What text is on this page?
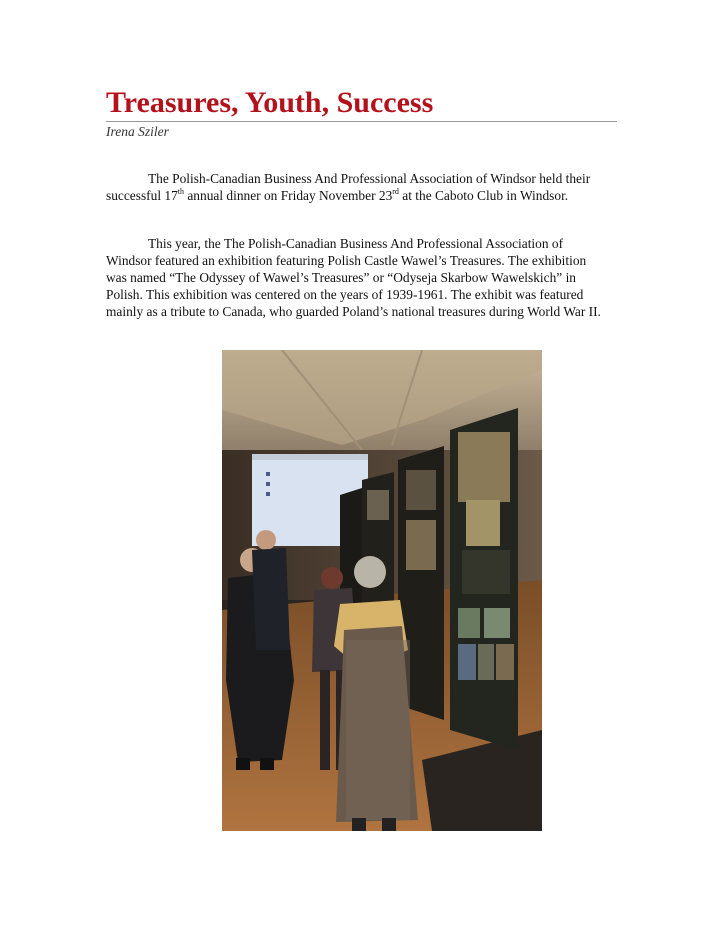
Treasures, Youth, Success
Irena Sziler

The Polish-Canadian Business And Professional Association of Windsor held their successful 17th annual dinner on Friday November 23rd at the Caboto Club in Windsor.

This year, the The Polish-Canadian Business And Professional Association of Windsor featured an exhibition featuring Polish Castle Wawel’s Treasures. The exhibition was named “The Odyssey of Wawel’s Treasures” or “Odyseja Skarbow Wawelskich” in Polish. This exhibition was centered on the years of 1939-1961. The exhibit was featured mainly as a tribute to Canada, who guarded Poland’s national treasures during World War II.
